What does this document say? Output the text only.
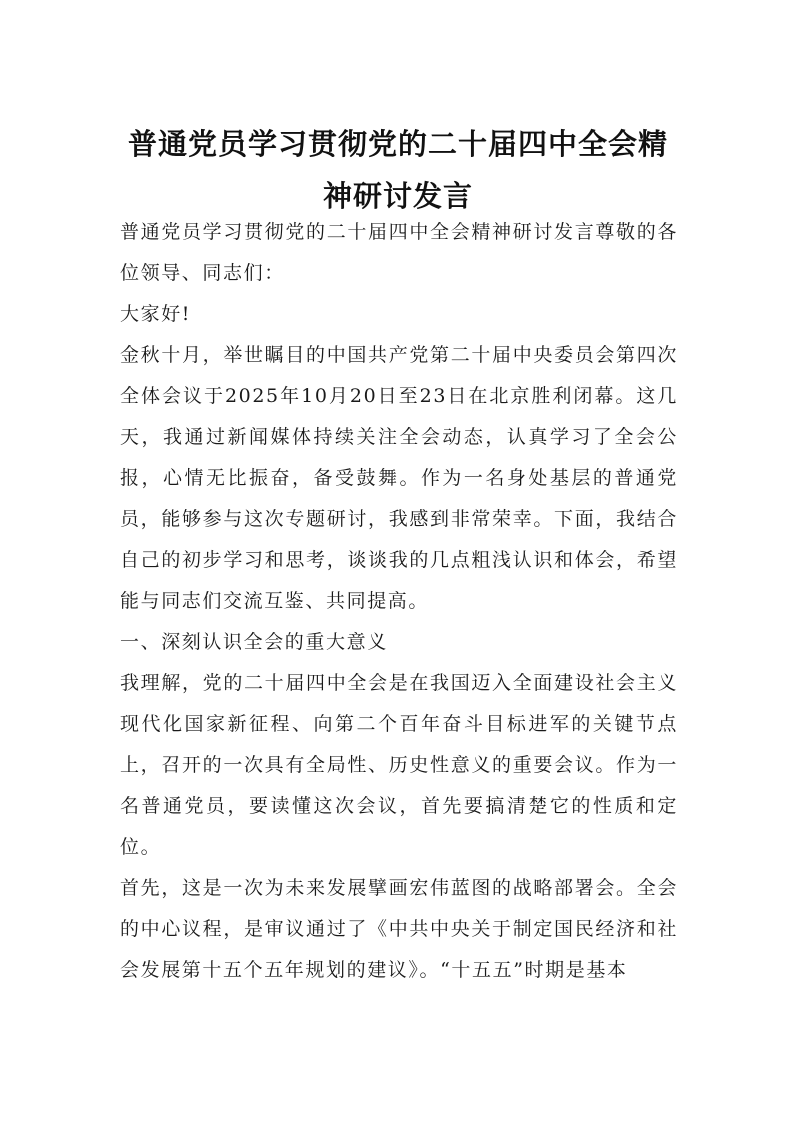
普通党员学习贯彻党的二十届四中全会精
神研讨发言

普通党员学习贯彻党的二十届四中全会精神研讨发言尊敬的各位领导、同志们：

大家好!

金秋十月，举世瞩目的中国共产党第二十届中央委员会第四次全体会议于2025年10月20日至23日在北京胜利闭幕。这几天，我通过新闻媒体持续关注全会动态，认真学习了全会公报，心情无比振奋，备受鼓舞。作为一名身处基层的普通党员，能够参与这次专题研讨，我感到非常荣幸。下面，我结合自己的初步学习和思考，谈谈我的几点粗浅认识和体会，希望能与同志们交流互鉴、共同提高。

一、深刻认识全会的重大意义

我理解，党的二十届四中全会是在我国迈入全面建设社会主义现代化国家新征程、向第二个百年奋斗目标进军的关键节点上，召开的一次具有全局性、历史性意义的重要会议。作为一名普通党员，要读懂这次会议，首先要搞清楚它的性质和定位。

首先，这是一次为未来发展擘画宏伟蓝图的战略部署会。全会的中心议程，是审议通过了《中共中央关于制定国民经济和社会发展第十五个五年规划的建议》。“十五五”时期是基本
